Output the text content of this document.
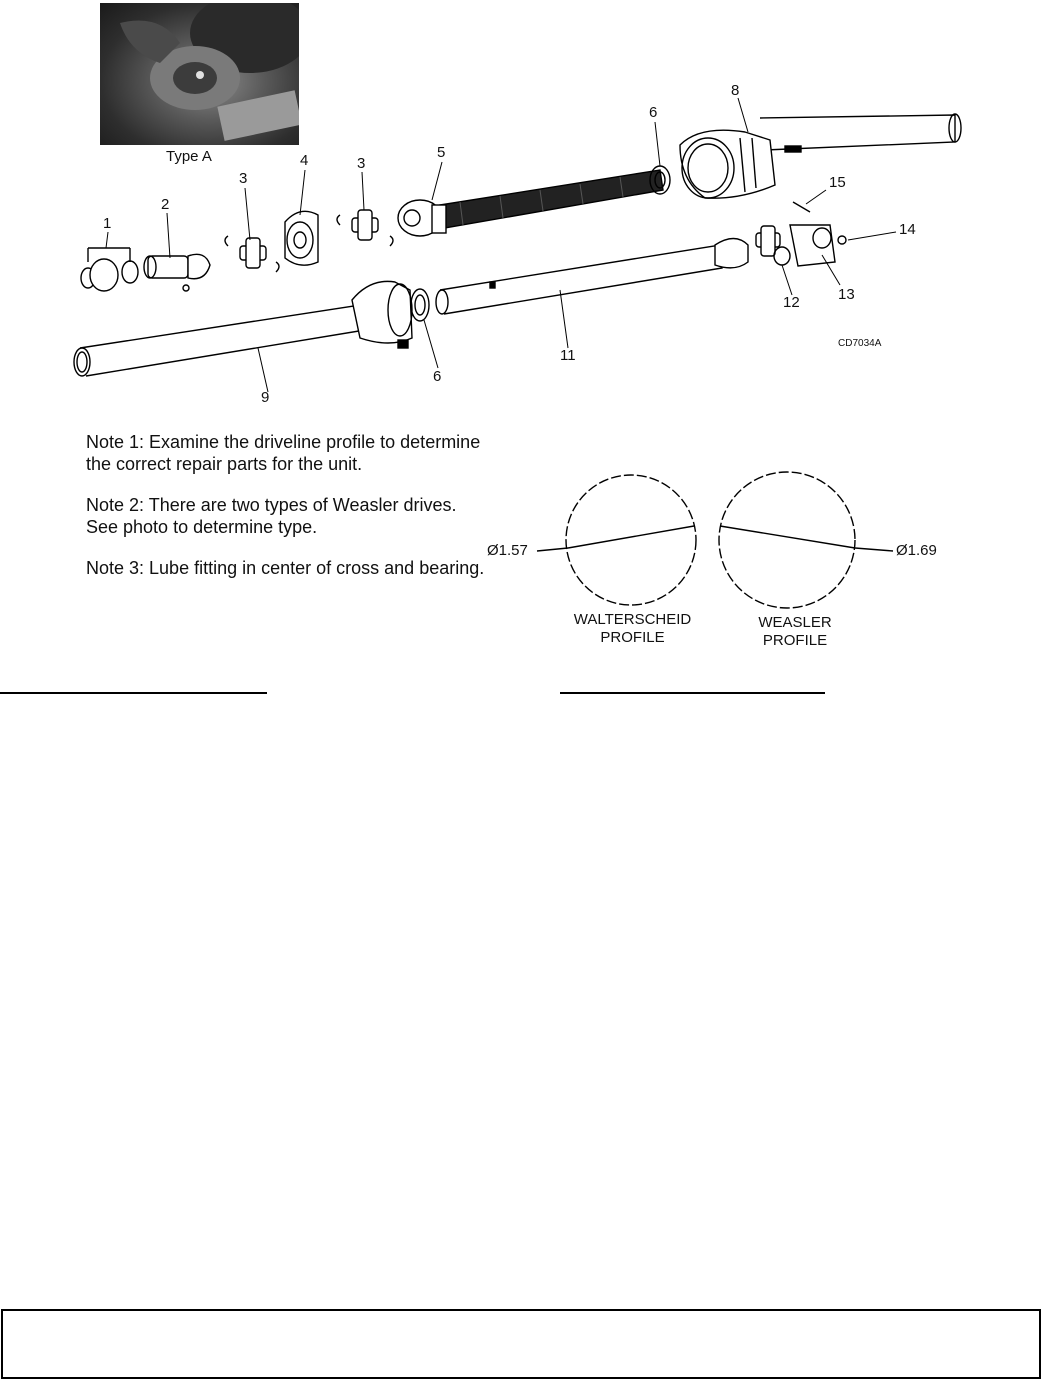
Type A
1
2
3
4	3
5
6
8
15
14
12	13
11
6
9
CD7034A

Note 1: Examine the driveline profile to determine
the correct repair parts for the unit.

Note 2: There are two types of Weasler drives.
See photo to determine type.

Note 3: Lube fitting in center of cross and bearing.

Ø1.57	Ø1.69
WALTERSCHEID
PROFILE
WEASLER
PROFILE
